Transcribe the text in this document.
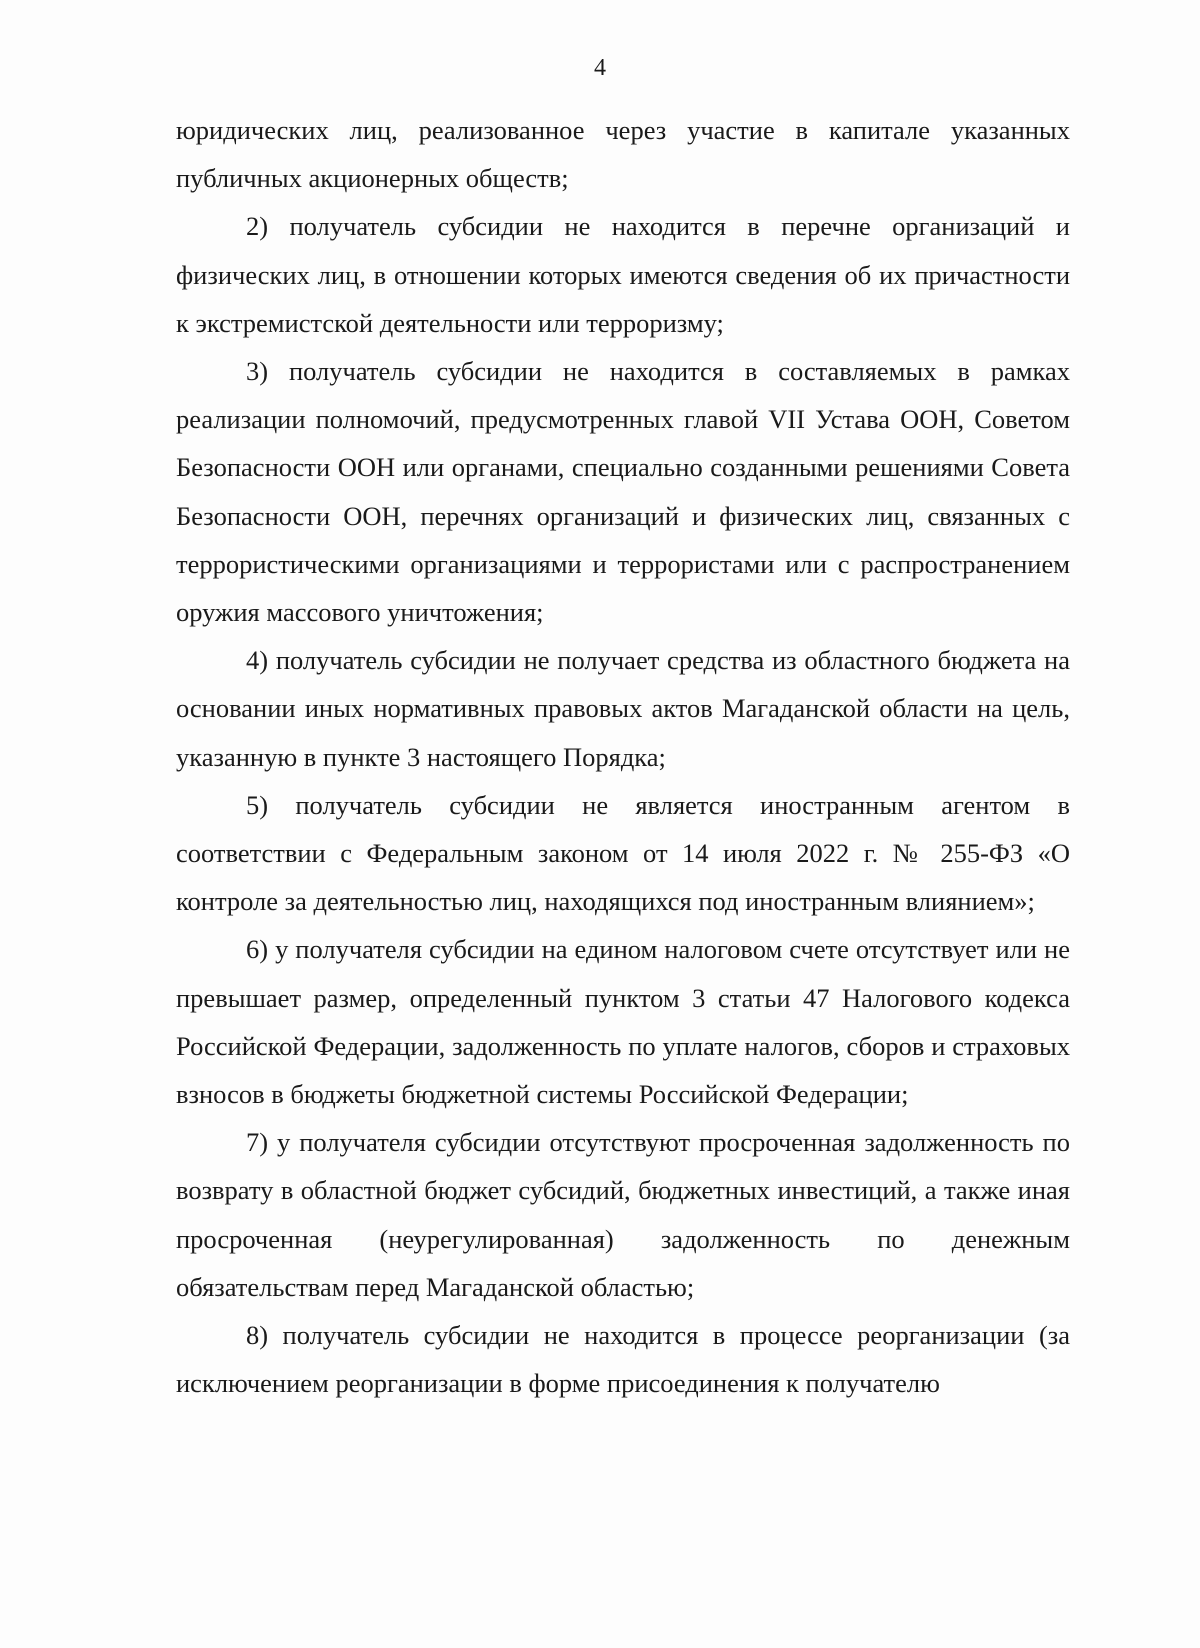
4

юридических лиц, реализованное через участие в капитале указанных публичных акционерных обществ;

2) получатель субсидии не находится в перечне организаций и физических лиц, в отношении которых имеются сведения об их причастности к экстремистской деятельности или терроризму;

3) получатель субсидии не находится в составляемых в рамках реализации полномочий, предусмотренных главой VII Устава ООН, Советом Безопасности ООН или органами, специально созданными решениями Совета Безопасности ООН, перечнях организаций и физических лиц, связанных с террористическими организациями и террористами или с распространением оружия массового уничтожения;

4) получатель субсидии не получает средства из областного бюджета на основании иных нормативных правовых актов Магаданской области на цель, указанную в пункте 3 настоящего Порядка;

5) получатель субсидии не является иностранным агентом в соответствии с Федеральным законом от 14 июля 2022 г. № 255-ФЗ «О контроле за деятельностью лиц, находящихся под иностранным влиянием»;

6) у получателя субсидии на едином налоговом счете отсутствует или не превышает размер, определенный пунктом 3 статьи 47 Налогового кодекса Российской Федерации, задолженность по уплате налогов, сборов и страховых взносов в бюджеты бюджетной системы Российской Федерации;

7) у получателя субсидии отсутствуют просроченная задолженность по возврату в областной бюджет субсидий, бюджетных инвестиций, а также иная просроченная (неурегулированная) задолженность по денежным обязательствам перед Магаданской областью;

8) получатель субсидии не находится в процессе реорганизации (за исключением реорганизации в форме присоединения к получателю
